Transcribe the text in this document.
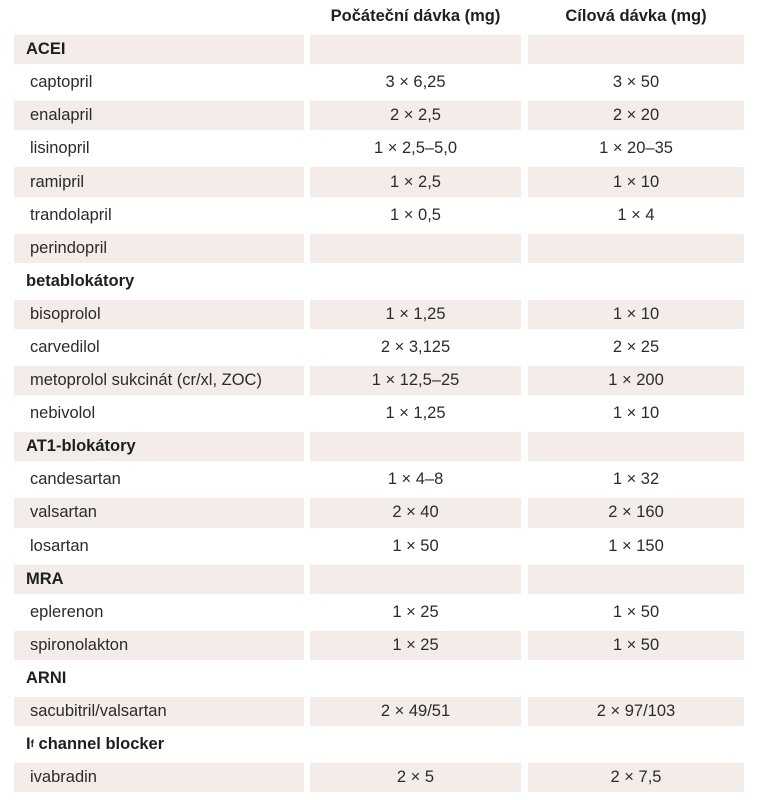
Počáteční dávka (mg)	Cílová dávka (mg)
ACEI
captopril	3 × 6,25	3 × 50
enalapril	2 × 2,5	2 × 20
lisinopril	1 × 2,5–5,0	1 × 20–35
ramipril	1 × 2,5	1 × 10
trandolapril	1 × 0,5	1 × 4
perindopril
betablokátory
bisoprolol	1 × 1,25	1 × 10
carvedilol	2 × 3,125	2 × 25
metoprolol sukcinát (cr/xl, ZOC)	1 × 12,5–25	1 × 200
nebivolol	1 × 1,25	1 × 10
AT1-blokátory
candesartan	1 × 4–8	1 × 32
valsartan	2 × 40	2 × 160
losartan	1 × 50	1 × 150
MRA
eplerenon	1 × 25	1 × 50
spironolakton	1 × 25	1 × 50
ARNI
sacubitril/valsartan	2 × 49/51	2 × 97/103
I f channel blocker
ivabradin	2 × 5	2 × 7,5
